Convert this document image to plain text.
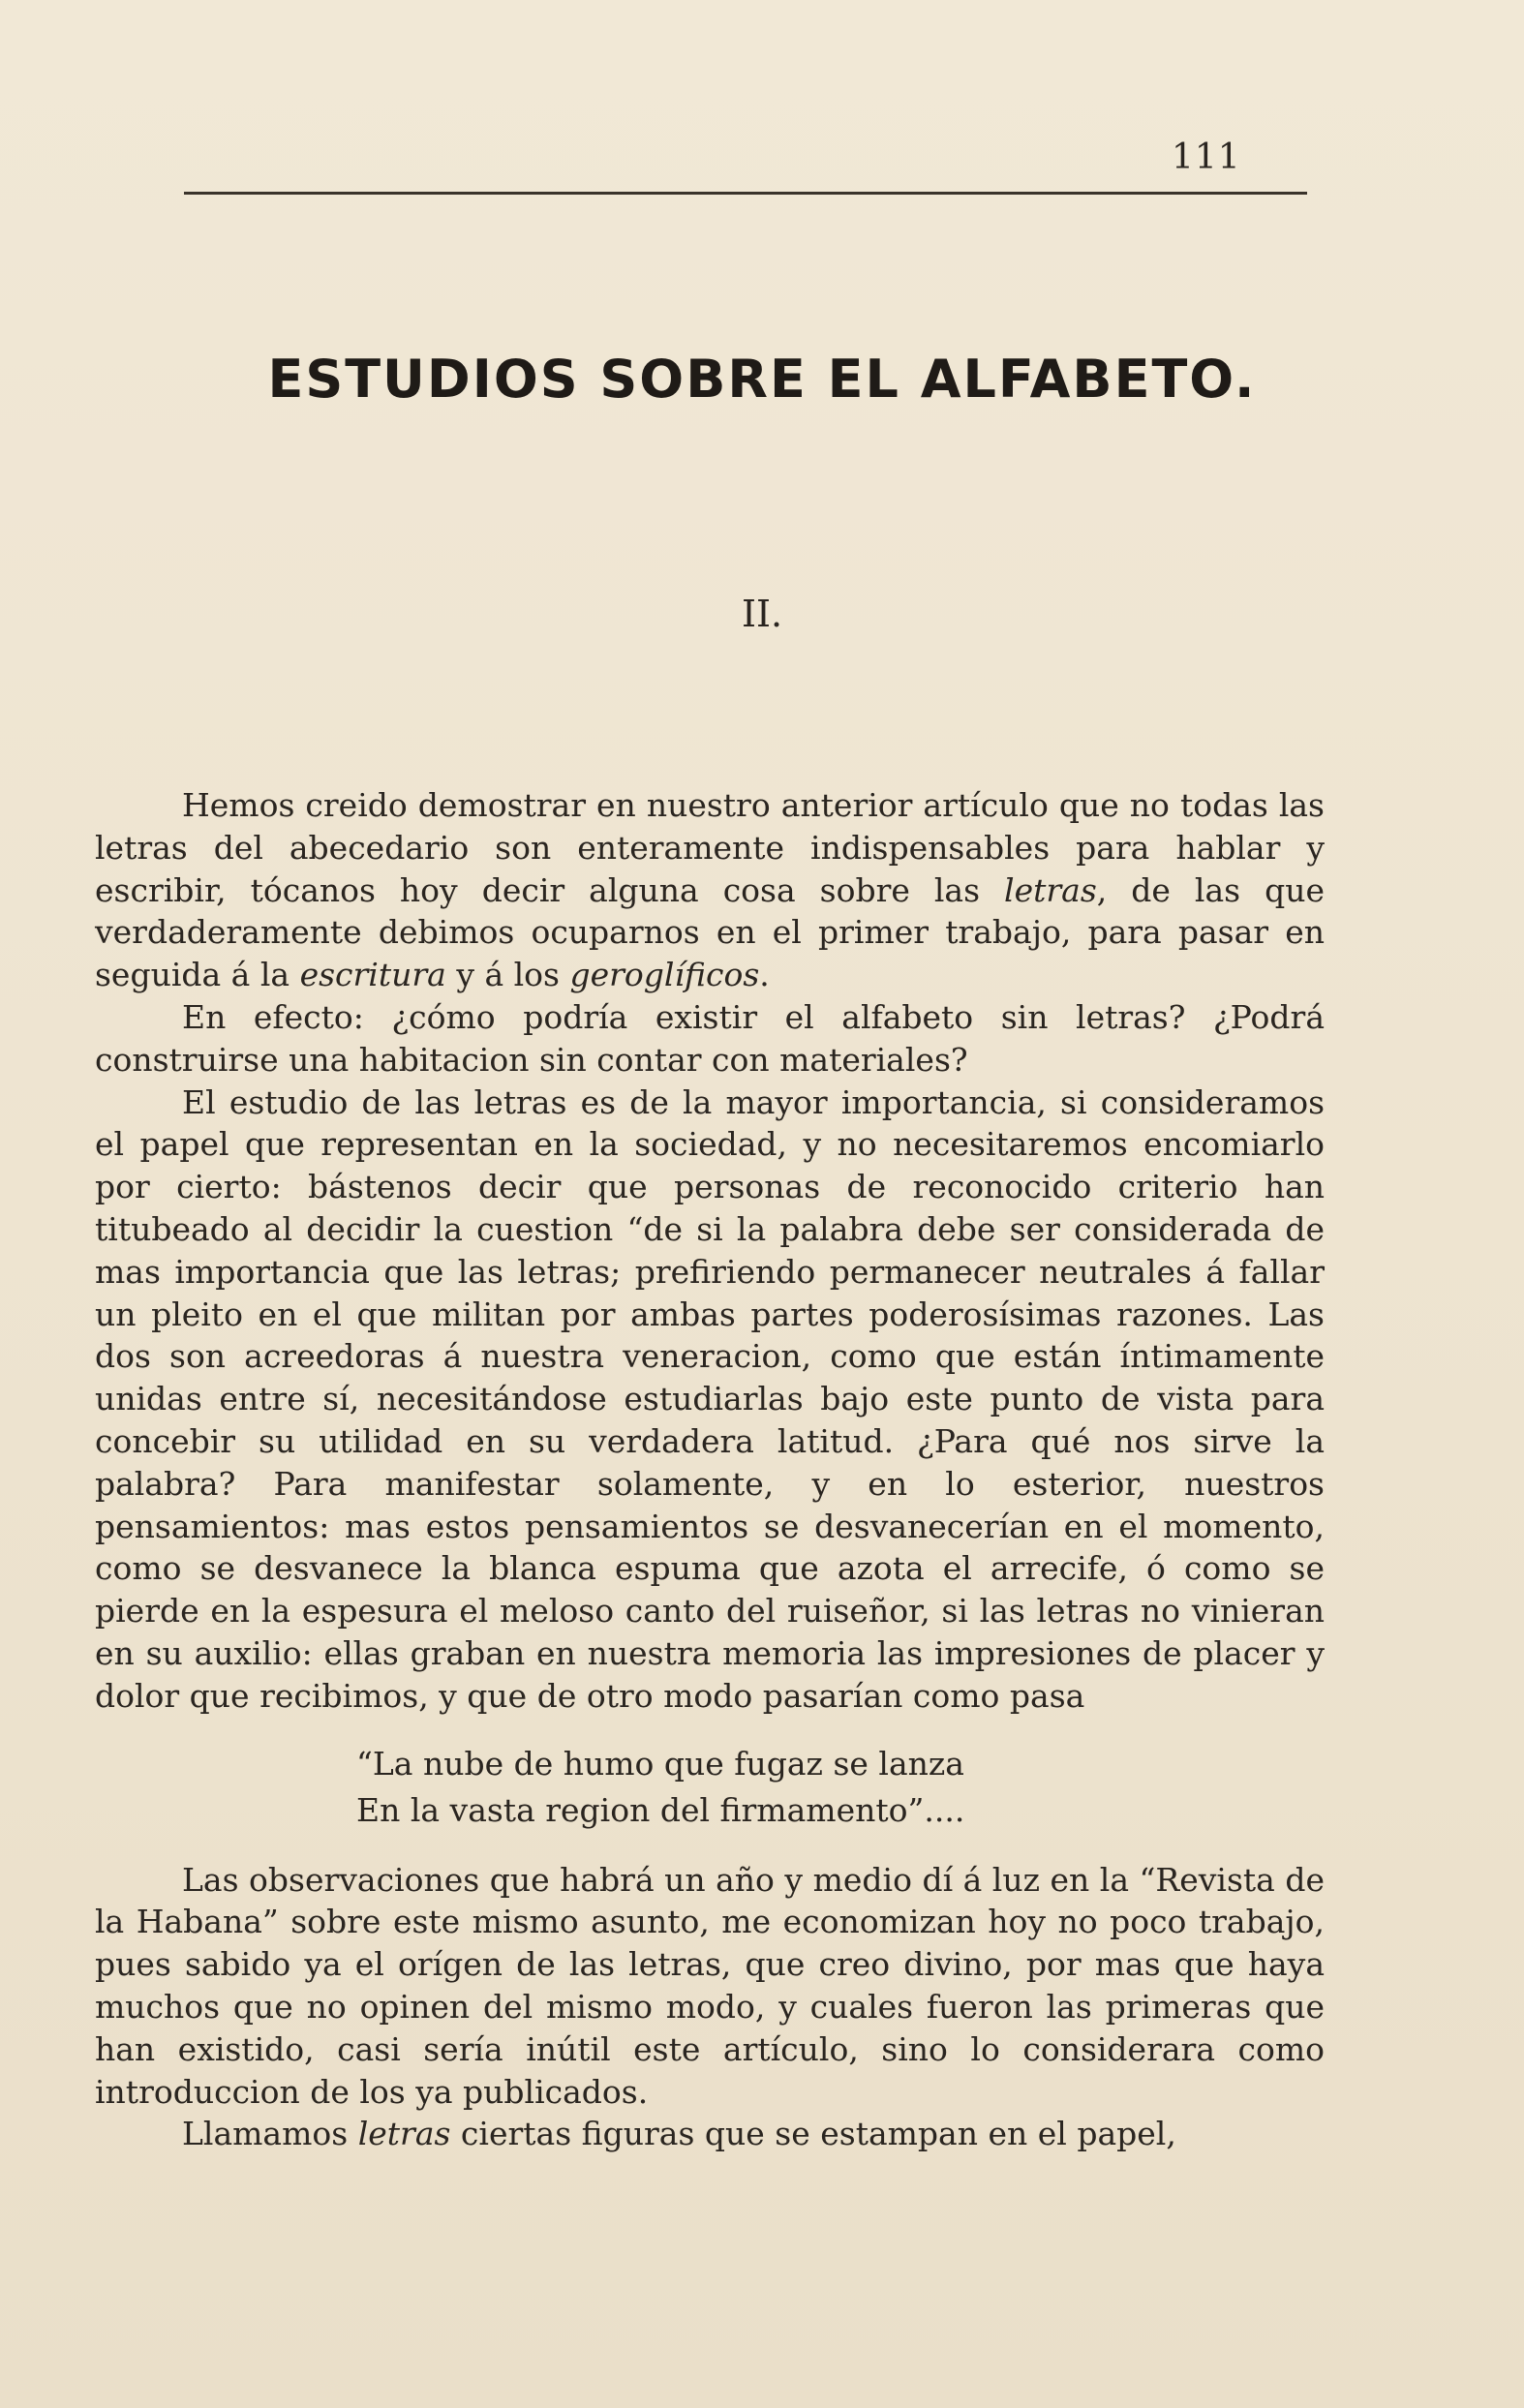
111
ESTUDIOS SOBRE EL ALFABETO.
II.

Hemos creido demostrar en nuestro anterior artículo que no todas las letras del abecedario son enteramente indispensables para hablar y escribir, tócanos hoy decir alguna cosa sobre las letras, de las que verdaderamente debimos ocuparnos en el primer trabajo, para pasar en seguida á la escritura y á los geroglíficos.

En efecto: ¿cómo podría existir el alfabeto sin letras? ¿Podrá construirse una habitacion sin contar con materiales?

El estudio de las letras es de la mayor importancia, si consideramos el papel que representan en la sociedad, y no necesitaremos encomiarlo por cierto: bástenos decir que personas de reconocido criterio han titubeado al decidir la cuestion “de si la palabra debe ser considerada de mas importancia que las letras; prefiriendo permanecer neutrales á fallar un pleito en el que militan por ambas partes poderosísimas razones. Las dos son acreedoras á nuestra veneracion, como que están íntimamente unidas entre sí, necesitándose estudiarlas bajo este punto de vista para concebir su utilidad en su verdadera latitud. ¿Para qué nos sirve la palabra? Para manifestar solamente, y en lo esterior, nuestros pensamientos: mas estos pensamientos se desvanecerían en el momento, como se desvanece la blanca espuma que azota el arrecife, ó como se pierde en la espesura el meloso canto del ruiseñor, si las letras no vinieran en su auxilio: ellas graban en nuestra memoria las impresiones de placer y dolor que recibimos, y que de otro modo pasarían como pasa

“La nube de humo que fugaz se lanza
En la vasta region del firmamento”....

Las observaciones que habrá un año y medio dí á luz en la “Revista de la Habana” sobre este mismo asunto, me economizan hoy no poco trabajo, pues sabido ya el orígen de las letras, que creo divino, por mas que haya muchos que no opinen del mismo modo, y cuales fueron las primeras que han existido, casi sería inútil este artículo, sino lo considerara como introduccion de los ya publicados.

Llamamos letras ciertas figuras que se estampan en el papel,
